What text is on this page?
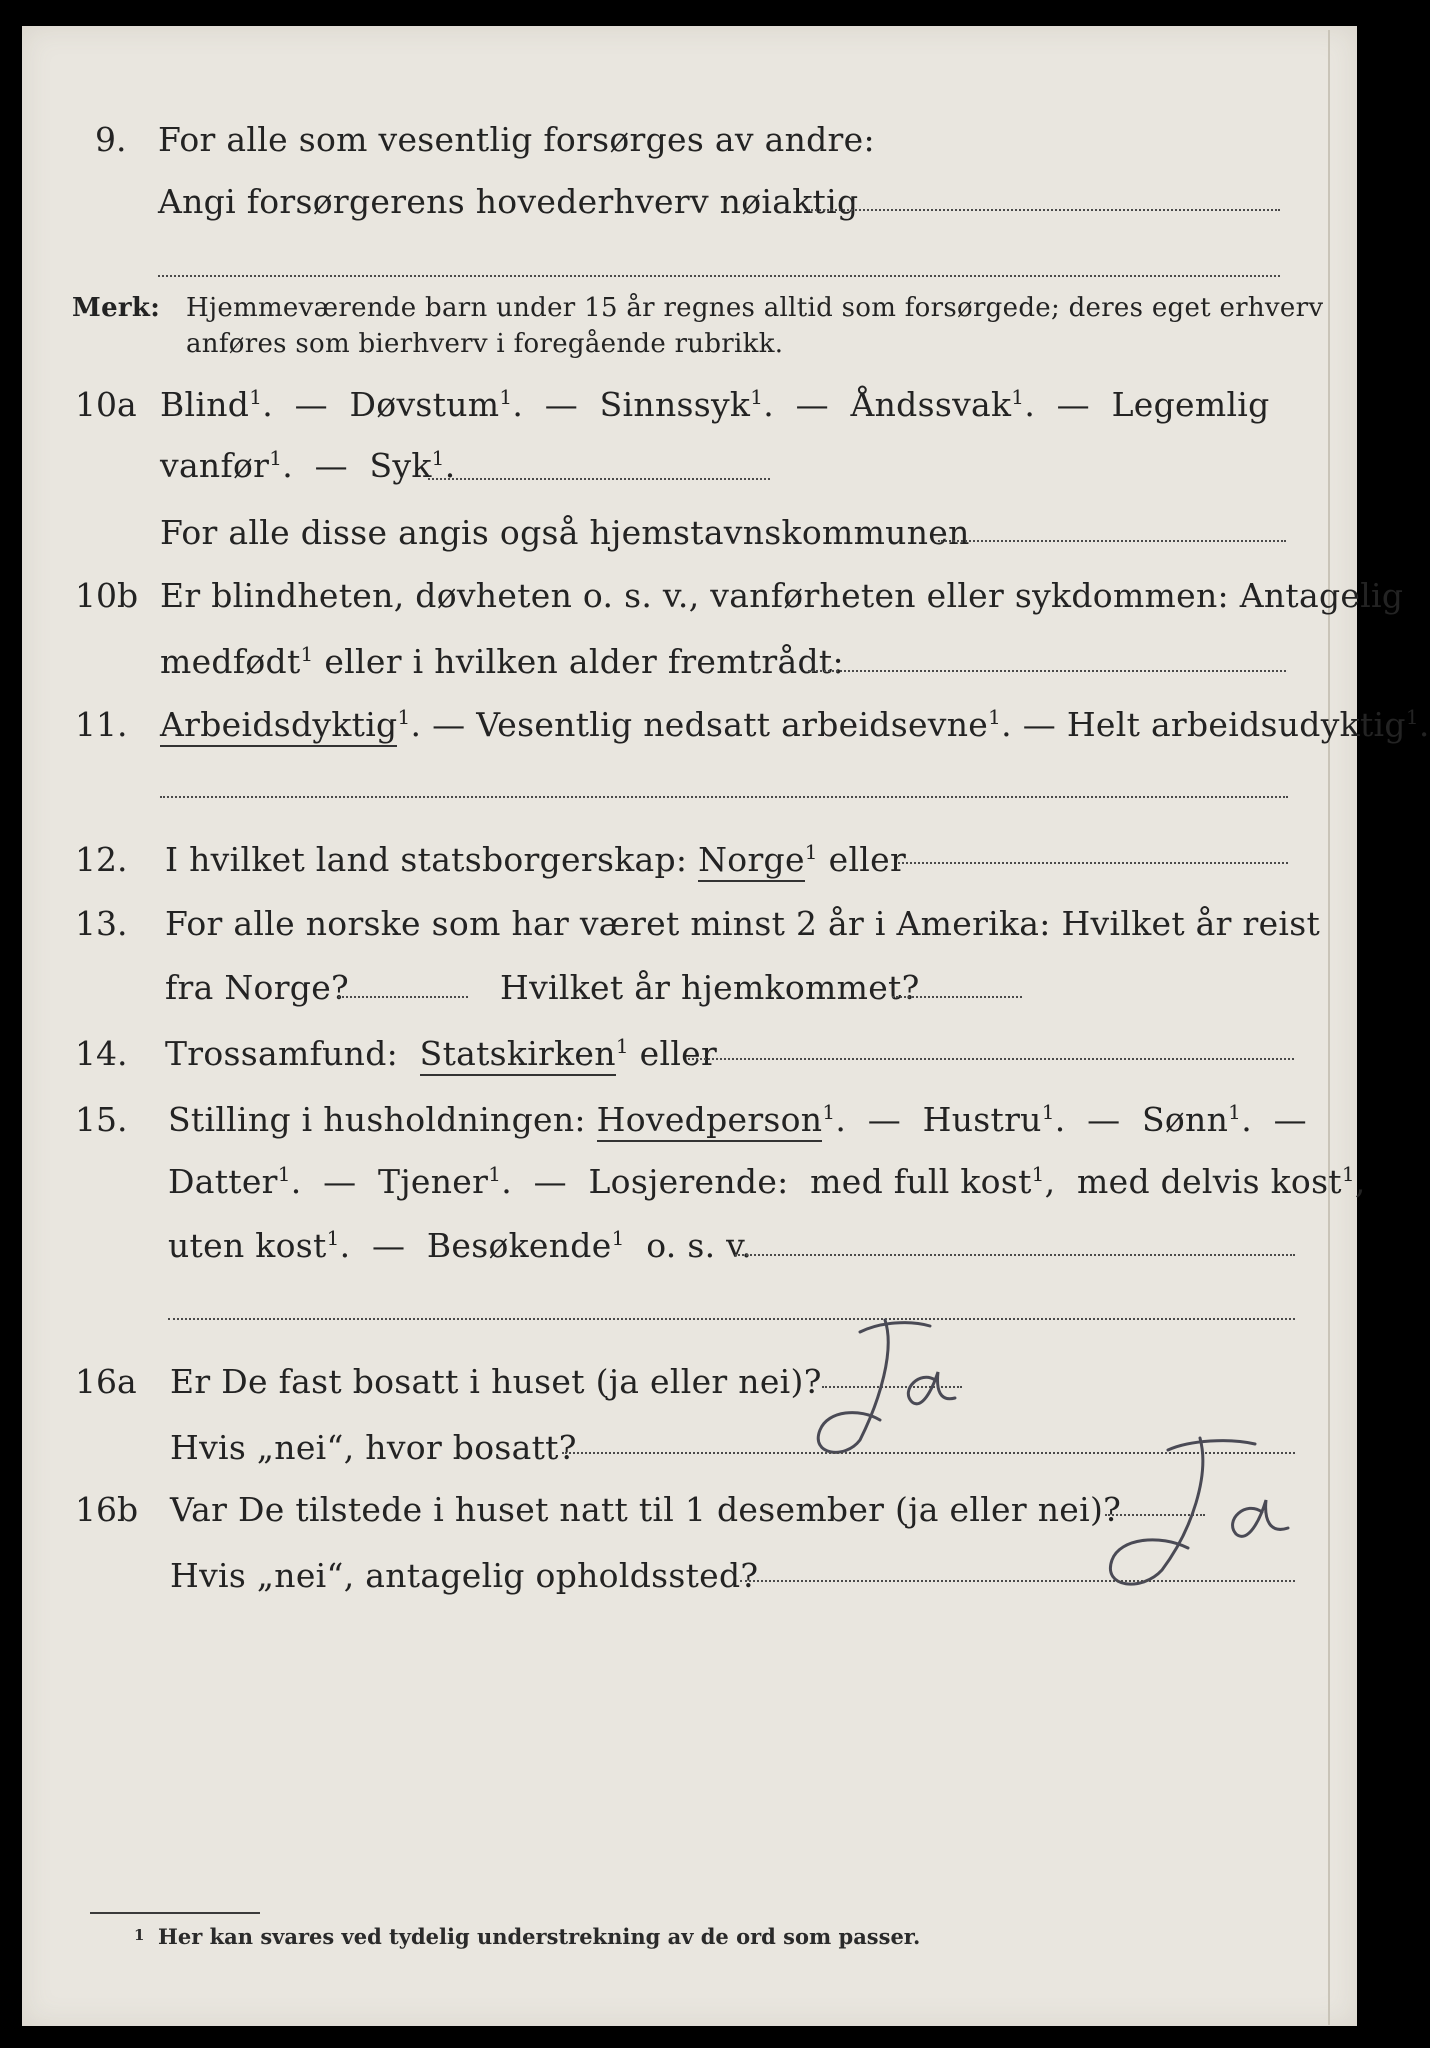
9. For alle som vesentlig forsørges av andre:
Angi forsørgerens hovederhverv nøiaktig
Merk: Hjemmeværende barn under 15 år regnes alltid som forsørgede; deres eget erhverv
anføres som bierhverv i foregående rubrikk.
10a Blind$^1$.  —  Døvstum$^1$.  —  Sinnssyk$^1$.  —  Åndssvak$^1$.  —  Legemlig
vanfør$^1$.  —  Syk$^1$.
For alle disse angis også hjemstavnskommunen
10b Er blindheten, døvheten o. s. v., vanførheten eller sykdommen: Antagelig
medfødt$^1$ eller i hvilken alder fremtrådt:
11. Arbeidsdyktig$^1$. — Vesentlig nedsatt arbeidsevne$^1$. — Helt arbeidsudyktig$^1$.
12. I hvilket land statsborgerskap: Norge$^1$ eller
13. For alle norske som har været minst 2 år i Amerika: Hvilket år reist
fra Norge?	Hvilket år hjemkommet?
14. Trossamfund: Statskirken$^1$ eller
15. Stilling i husholdningen: Hovedperson$^1$.  —  Hustru$^1$.  —  Sønn$^1$.  —
Datter$^1$.  —  Tjener$^1$.  —  Losjerende: med full kost$^1$,  med delvis kost$^1$,
uten kost$^1$.  —  Besøkende$^1$ o. s. v.
16a Er De fast bosatt i huset (ja eller nei)?
Hvis „nei“, hvor bosatt?
16b Var De tilstede i huset natt til 1 desember (ja eller nei)?
Hvis „nei“, antagelig opholdssted?
1 Her kan svares ved tydelig understrekning av de ord som passer.
